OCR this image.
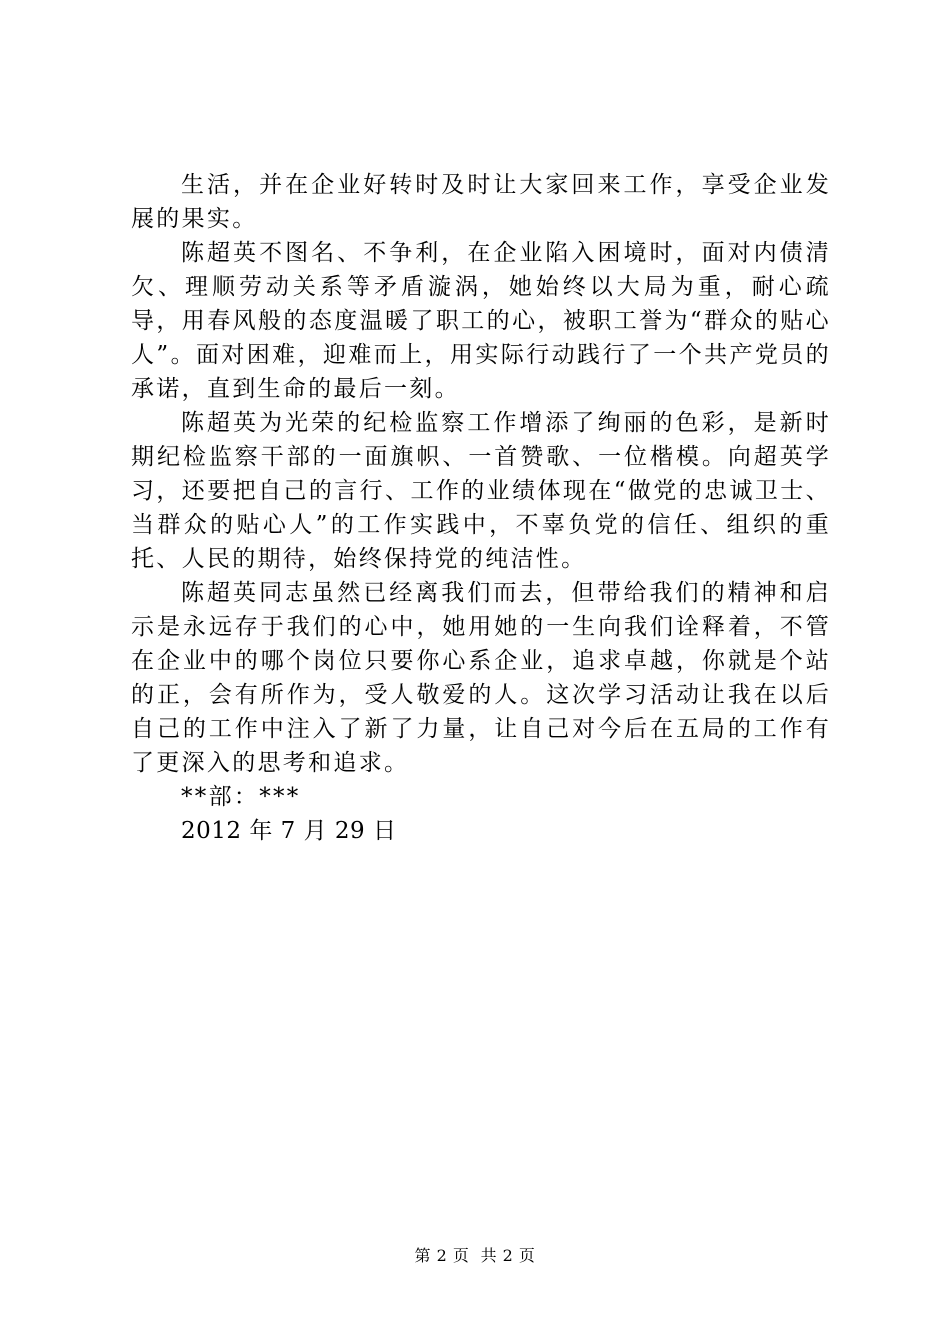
生活，并在企业好转时及时让大家回来工作，享受企业发展的果实。

陈超英不图名、不争利，在企业陷入困境时，面对内债清欠、理顺劳动关系等矛盾漩涡，她始终以大局为重，耐心疏导，用春风般的态度温暖了职工的心，被职工誉为“群众的贴心人”。面对困难，迎难而上，用实际行动践行了一个共产党员的承诺，直到生命的最后一刻。

陈超英为光荣的纪检监察工作增添了绚丽的色彩，是新时期纪检监察干部的一面旗帜、一首赞歌、一位楷模。向超英学习，还要把自己的言行、工作的业绩体现在“做党的忠诚卫士、当群众的贴心人”的工作实践中，不辜负党的信任、组织的重托、人民的期待，始终保持党的纯洁性。

陈超英同志虽然已经离我们而去，但带给我们的精神和启示是永远存于我们的心中，她用她的一生向我们诠释着，不管在企业中的哪个岗位只要你心系企业，追求卓越，你就是个站的正，会有所作为，受人敬爱的人。这次学习活动让我在以后自己的工作中注入了新了力量，让自己对今后在五局的工作有了更深入的思考和追求。

**部：***

2012 年 7 月 29 日

第 2 页  共 2 页
